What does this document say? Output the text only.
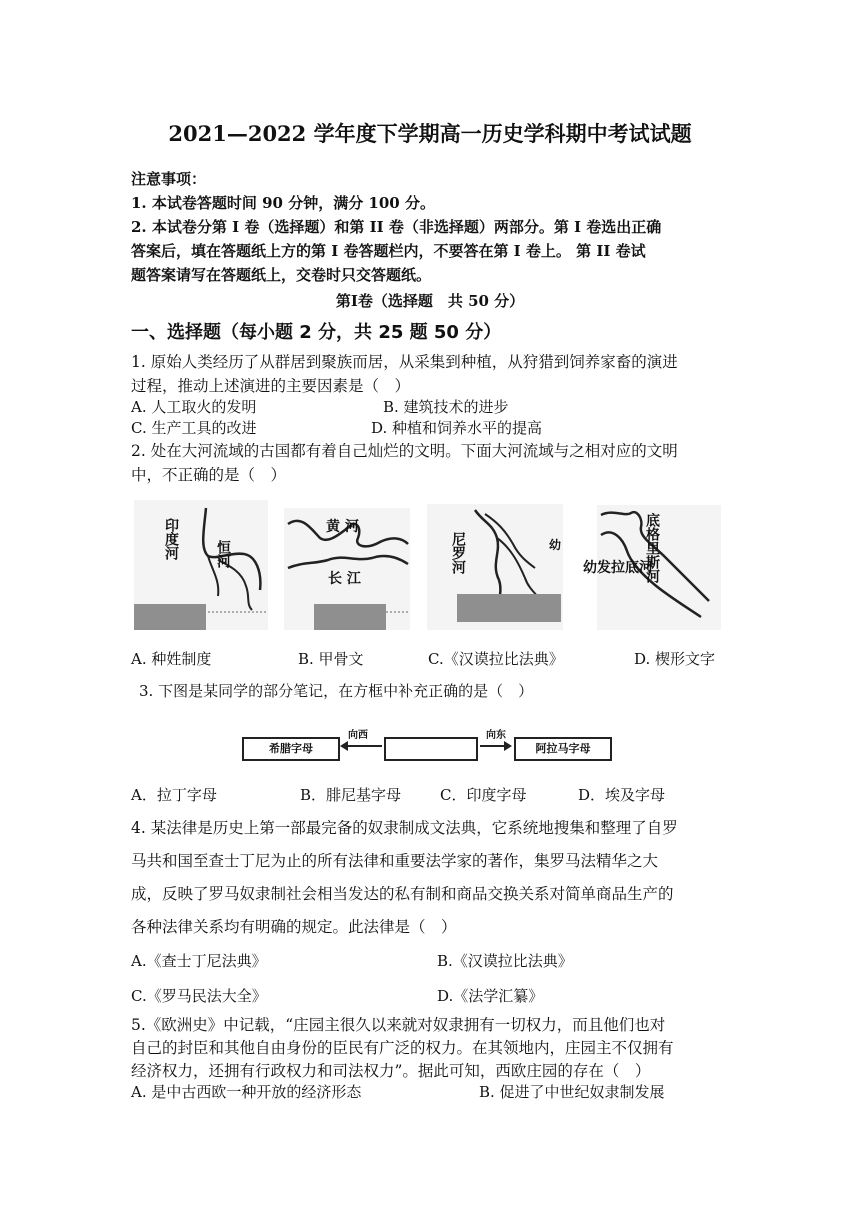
2021—2022 学年度下学期高一历史学科期中考试试题
注意事项：
1. 本试卷答题时间 90 分钟，满分 100 分。
2. 本试卷分第 I 卷（选择题）和第 II 卷（非选择题）两部分。第 I 卷选出正确
答案后，填在答题纸上方的第 I 卷答题栏内，不要答在第 I 卷上。 第 II 卷试
题答案请写在答题纸上，交卷时只交答题纸。
第Ⅰ卷（选择题　共 50 分）
一、选择题（每小题 2 分，共 25 题 50 分）
1. 原始人类经历了从群居到聚族而居，从采集到种植，从狩猎到饲养家畜的演进
过程，推动上述演进的主要因素是（　）
A. 人工取火的发明	B. 建筑技术的进步
C. 生产工具的改进	D. 种植和饲养水平的提高
2. 处在大河流域的古国都有着自己灿烂的文明。下面大河流域与之相对应的文明
中，不正确的是（　）
印度河	恒河
黄 河
长 江
尼罗河	幼	底格里斯河
幼发拉底河
A. 种姓制度	B. 甲骨文	C.《汉谟拉比法典》	D. 楔形文字
3. 下图是某同学的部分笔记，在方框中补充正确的是（　）
希腊字母
向西	向东
阿拉马字母
A．拉丁字母	B．腓尼基字母	C．印度字母	D．埃及字母
4. 某法律是历史上第一部最完备的奴隶制成文法典，它系统地搜集和整理了自罗
马共和国至查士丁尼为止的所有法律和重要法学家的著作，集罗马法精华之大
成，反映了罗马奴隶制社会相当发达的私有制和商品交换关系对简单商品生产的
各种法律关系均有明确的规定。此法律是（　）
A.《查士丁尼法典》	B.《汉谟拉比法典》
C.《罗马民法大全》	D.《法学汇纂》
5.《欧洲史》中记载，“庄园主很久以来就对奴隶拥有一切权力，而且他们也对
自己的封臣和其他自由身份的臣民有广泛的权力。在其领地内，庄园主不仅拥有
经济权力，还拥有行政权力和司法权力”。据此可知，西欧庄园的存在（　）
A. 是中古西欧一种开放的经济形态	B. 促进了中世纪奴隶制发展
